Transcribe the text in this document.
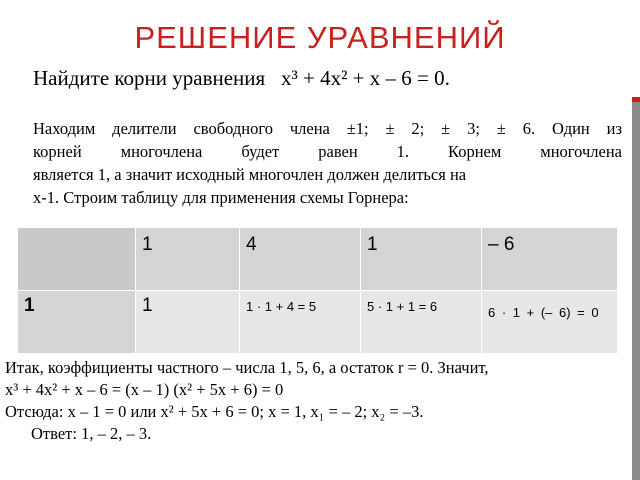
РЕШЕНИЕ УРАВНЕНИЙ
Найдите корни уравнения x³ + 4x² + x – 6 = 0.
Находим делители свободного члена ±1; ± 2; ± 3; ± 6. Один из
корней многочлена будет равен 1. Корнем многочлена
является 1, а значит исходный многочлен должен делиться на
х-1. Строим таблицу для применения схемы Горнера:

	1	4	1	– 6

1	1	1 · 1 + 4 = 5	5 · 1 + 1 = 6	6 · 1 + (– 6) = 0
Итак, коэффициенты частного – числа 1, 5, 6, а остаток r = 0. Значит,
x³ + 4x² + x – 6 = (x – 1) (x² + 5x + 6) = 0
Отсюда: x – 1 = 0 или x² + 5x + 6 = 0; x = 1, x₁ = – 2; x₂ = –3.
Ответ: 1, – 2, – 3.
